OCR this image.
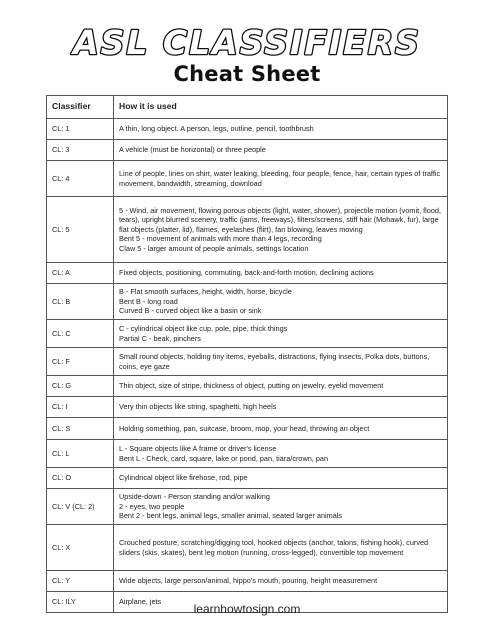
ASL CLASSIFIERS
Cheat Sheet
Classifier	How it is used
CL: 1	A thin, long object. A person, legs, outline, pencil, toothbrush

CL: 3	A vehicle (must be horizontal) or three people

CL: 4	Line of people, lines on shirt, water leaking, bleeding, four people, fence, hair, certain types of traffic movement, bandwidth, streaming, download

CL: 5	5 - Wind, air movement, flowing porous objects (light, water, shower), projectile motion (vomit, flood, tears), upright blurred scenery, traffic (jams, freeways), filters/screens, stiff hair (Mohawk, fur), large flat objects (platter, lid), flames, eyelashes (flirt), fan blowing, leaves moving
Bent 5 - movement of animals with more than 4 legs, recording
Claw 5 - larger amount of people animals, settings location

CL: A	Fixed objects, positioning, commuting, back-and-forth motion, declining actions

CL: B	B - Flat smooth surfaces, height, width, horse, bicycle
Bent B - long road
Curved B - curved object like a basin or sink

CL: C	C - cylindrical object like cup, pole, pipe, thick things
Partial C - beak, pinchers

CL: F	Small round objects, holding tiny items, eyeballs, distractions, flying insects, Polka dots, buttons, coins, eye gaze

CL: G	Thin object, size of stripe, thickness of object, putting on jewelry, eyelid movement

CL: I	Very thin objects like string, spaghetti, high heels

CL: S	Holding something, pan, suitcase, broom, mop, your head, throwing an object

CL: L	L - Square objects like A frame or driver's license
Bent L - Check, card, square, lake or pond, pan, tiara/crown, pan

CL: O	Cylindrical object like firehose, rod, pipe

CL: V (CL: 2)	Upside-down - Person standing and/or walking
2 - eyes, two people
Bent 2 - bent legs, animal legs, smaller animal, seated larger animals

CL: X	Crouched posture, scratching/digging tool, hooked objects (anchor, talons, fishing hook), curved sliders (skis, skates), bent leg motion (running, cross-legged), convertible top movement

CL: Y	Wide objects, large person/animal, hippo's mouth, pouring, height measurement

CL: ILY	Airplane, jets
learnhowtosign.com
